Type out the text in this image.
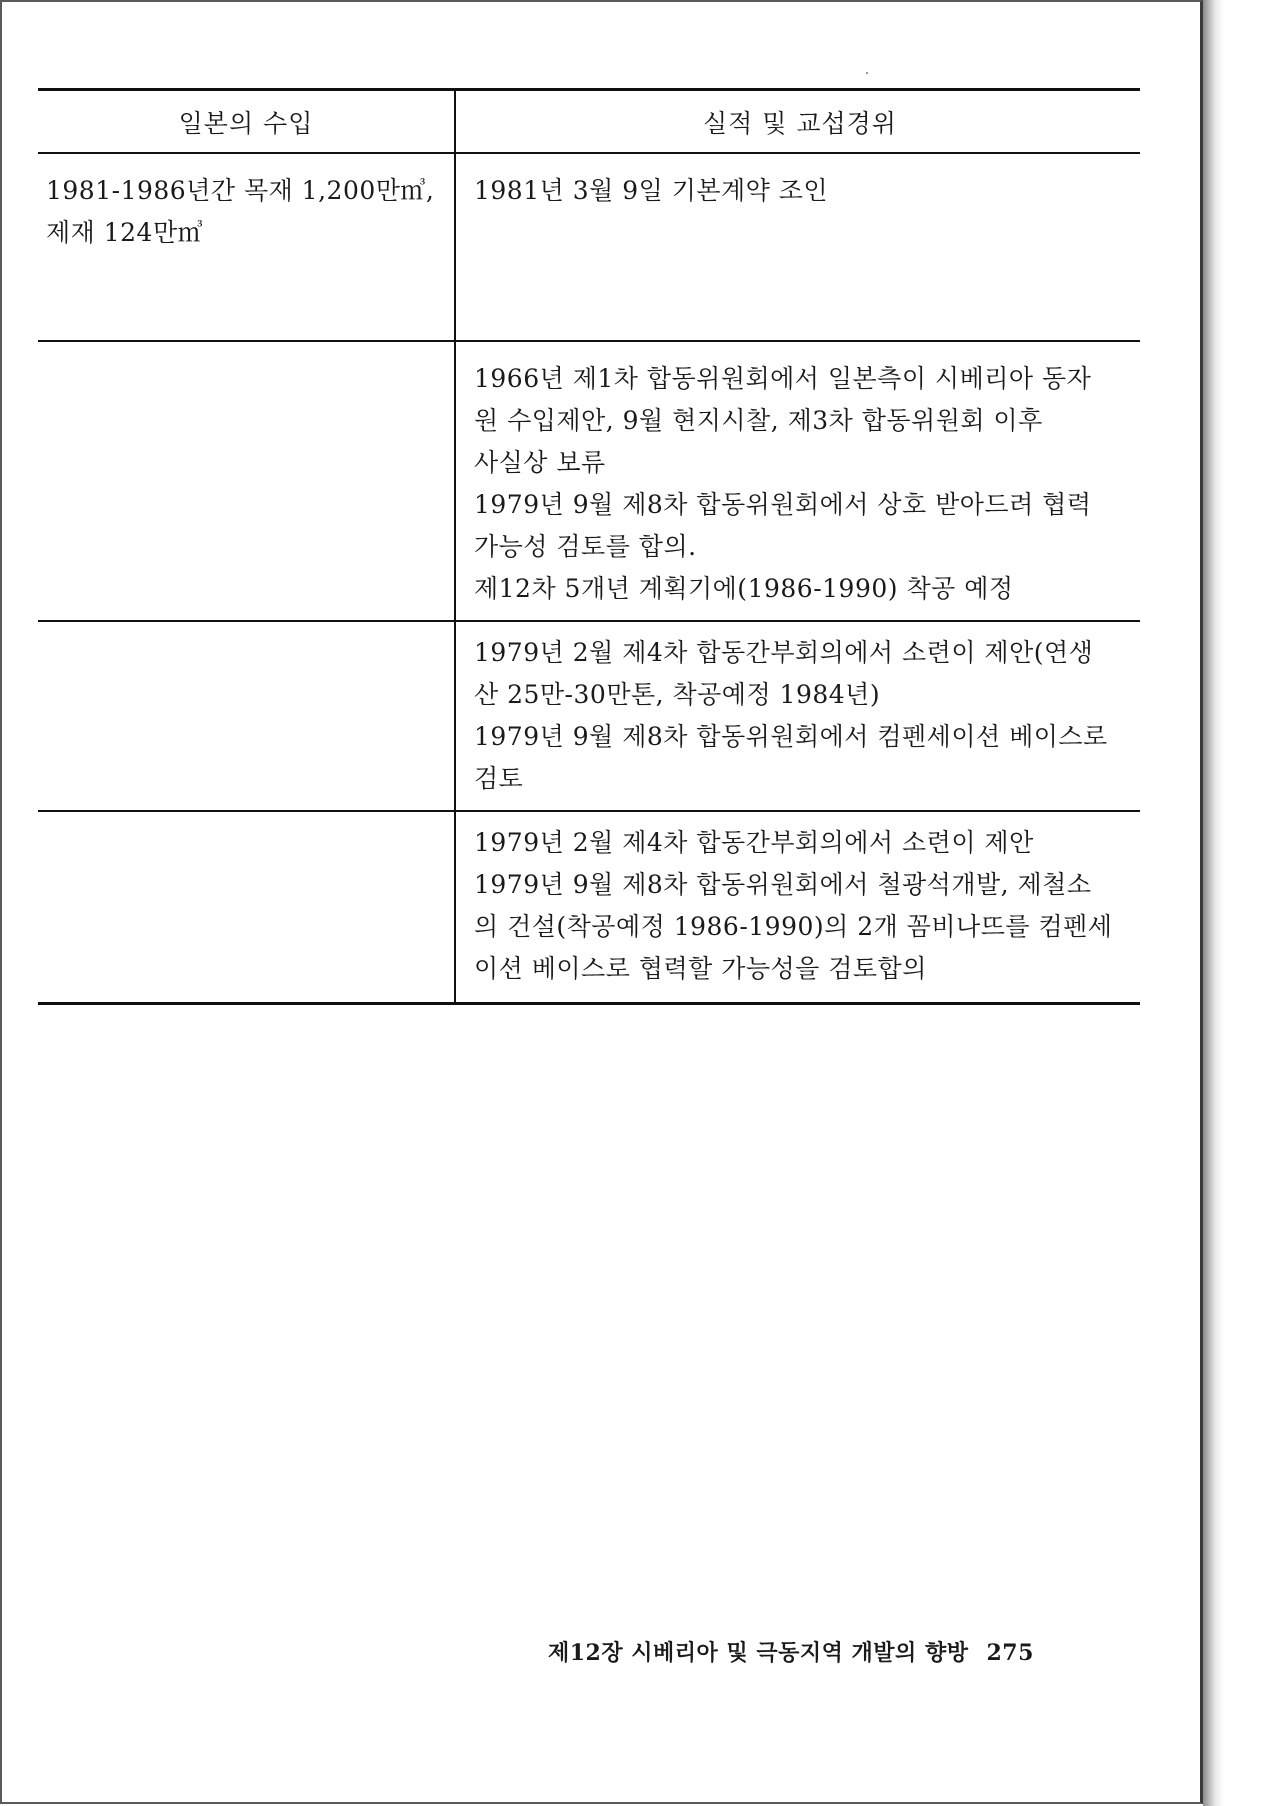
일본의 수입	실적 및 교섭경위
1981-1986년간 목재 1,200만㎥,
제재 124만㎥
1981년 3월 9일 기본계약 조인
1966년 제1차 합동위원회에서 일본측이 시베리아 동자
원 수입제안, 9월 현지시찰, 제3차 합동위원회 이후
사실상 보류
1979년 9월 제8차 합동위원회에서 상호 받아드려 협력
가능성 검토를 합의.
제12차 5개년 계획기에(1986-1990) 착공 예정
1979년 2월 제4차 합동간부회의에서 소련이 제안(연생
산 25만-30만톤, 착공예정 1984년)
1979년 9월 제8차 합동위원회에서 컴펜세이션 베이스로
검토
1979년 2월 제4차 합동간부회의에서 소련이 제안
1979년 9월 제8차 합동위원회에서 철광석개발, 제철소
의 건설(착공예정 1986-1990)의 2개 꼼비나뜨를 컴펜세
이션 베이스로 협력할 가능성을 검토합의
제12장 시베리아 및 극동지역 개발의 향방 275
